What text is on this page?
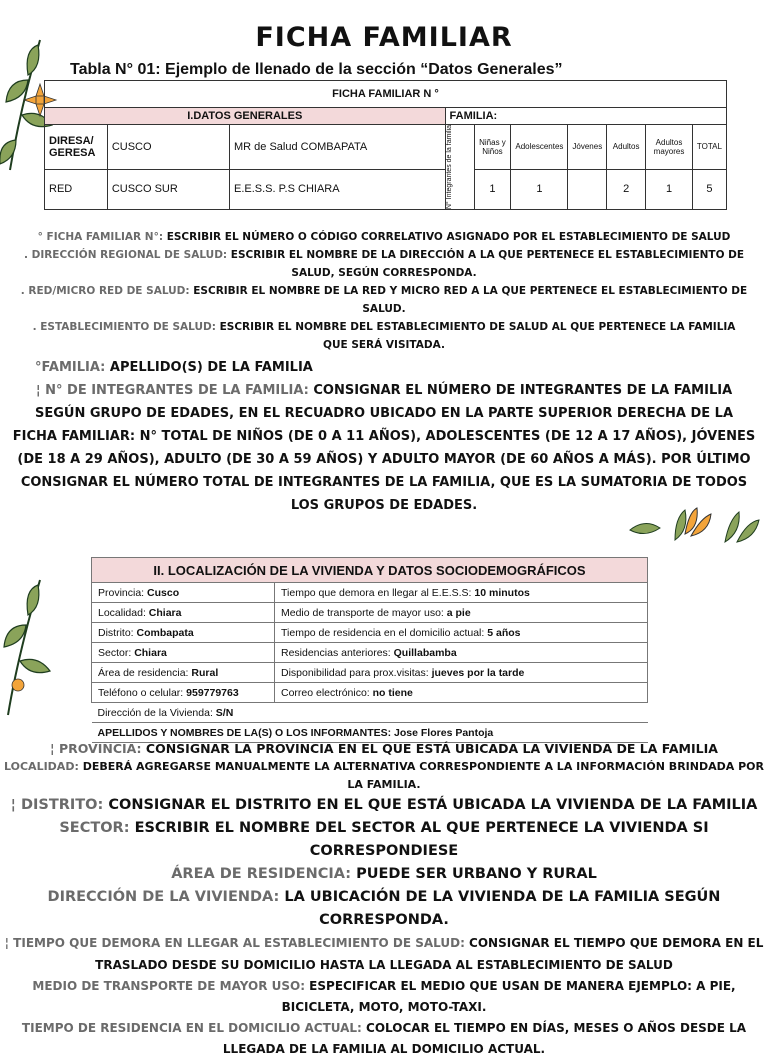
FICHA FAMILIAR
Tabla N° 01: Ejemplo de llenado de la sección “Datos Generales”
FICHA FAMILIAR N °									
I.DATOS GENERALES			FAMILIA:						
DIRESA/ GERESA	CUSCO	MR de Salud COMBAPATA	N° Integrantes de la familia	Niñas y Niños	Adolescentes	Jóvenes	Adultos	Adultos mayores	TOTAL
RED	CUSCO SUR	E.E.S.S. P.S CHIARA		1	1		2	1	5
° FICHA FAMILIAR N°: ESCRIBIR EL NÚMERO O CÓDIGO CORRELATIVO ASIGNADO POR EL ESTABLECIMIENTO DE SALUD
. DIRECCIÓN REGIONAL DE SALUD: ESCRIBIR EL NOMBRE DE LA DIRECCIÓN A LA QUE PERTENECE EL ESTABLECIMIENTO DE SALUD, SEGÚN CORRESPONDA.
. RED/MICRO RED DE SALUD: ESCRIBIR EL NOMBRE DE LA RED Y MICRO RED A LA QUE PERTENECE EL ESTABLECIMIENTO DE SALUD.
. ESTABLECIMIENTO DE SALUD: ESCRIBIR EL NOMBRE DEL ESTABLECIMIENTO DE SALUD AL QUE PERTENECE LA FAMILIA QUE SERÁ VISITADA.
°FAMILIA: APELLIDO(S) DE LA FAMILIA
¦ N° DE INTEGRANTES DE LA FAMILIA: CONSIGNAR EL NÚMERO DE INTEGRANTES DE LA FAMILIA SEGÚN GRUPO DE EDADES, EN EL RECUADRO UBICADO EN LA PARTE SUPERIOR DERECHA DE LA FICHA FAMILIAR: N° TOTAL DE NIÑOS (DE 0 A 11 AÑOS), ADOLESCENTES (DE 12 A 17 AÑOS), JÓVENES (DE 18 A 29 AÑOS), ADULTO (DE 30 A 59 AÑOS) Y ADULTO MAYOR (DE 60 AÑOS A MÁS). POR ÚLTIMO CONSIGNAR EL NÚMERO TOTAL DE INTEGRANTES DE LA FAMILIA, QUE ES LA SUMATORIA DE TODOS LOS GRUPOS DE EDADES.
II. LOCALIZACIÓN DE LA VIVIENDA Y DATOS SOCIODEMOGRÁFICOS	
Provincia: Cusco	Tiempo que demora en llegar al E.E.S.S: 10 minutos
Localidad: Chiara	Medio de transporte de mayor uso: a pie
Distrito: Combapata	Tiempo de residencia en el domicilio actual: 5 años
Sector: Chiara	Residencias anteriores: Quillabamba
Área de residencia: Rural	Disponibilidad para prox.visitas: jueves por la tarde
Teléfono o celular: 959779763	Correo electrónico: no tiene
Dirección de la Vivienda: S/N	
APELLIDOS Y NOMBRES DE LA(S) O LOS INFORMANTES: Jose Flores Pantoja	
¦ PROVINCIA: CONSIGNAR LA PROVINCIA EN EL QUE ESTÁ UBICADA LA VIVIENDA DE LA FAMILIA
LOCALIDAD: DEBERÁ AGREGARSE MANUALMENTE LA ALTERNATIVA CORRESPONDIENTE A LA INFORMACIÓN BRINDADA POR LA FAMILIA.
¦ DISTRITO: CONSIGNAR EL DISTRITO EN EL QUE ESTÁ UBICADA LA VIVIENDA DE LA FAMILIA
SECTOR: ESCRIBIR EL NOMBRE DEL SECTOR AL QUE PERTENECE LA VIVIENDA SI CORRESPONDIESE
ÁREA DE RESIDENCIA: PUEDE SER URBANO Y RURAL
DIRECCIÓN DE LA VIVIENDA: LA UBICACIÓN DE LA VIVIENDA DE LA FAMILIA SEGÚN CORRESPONDA.
¦ TIEMPO QUE DEMORA EN LLEGAR AL ESTABLECIMIENTO DE SALUD: CONSIGNAR EL TIEMPO QUE DEMORA EN EL TRASLADO DESDE SU DOMICILIO HASTA LA LLEGADA AL ESTABLECIMIENTO DE SALUD
MEDIO DE TRANSPORTE DE MAYOR USO: ESPECIFICAR EL MEDIO QUE USAN DE MANERA EJEMPLO: A PIE, BICICLETA, MOTO, MOTO-TAXI.
TIEMPO DE RESIDENCIA EN EL DOMICILIO ACTUAL: COLOCAR EL TIEMPO EN DÍAS, MESES O AÑOS DESDE LA LLEGADA DE LA FAMILIA AL DOMICILIO ACTUAL.
